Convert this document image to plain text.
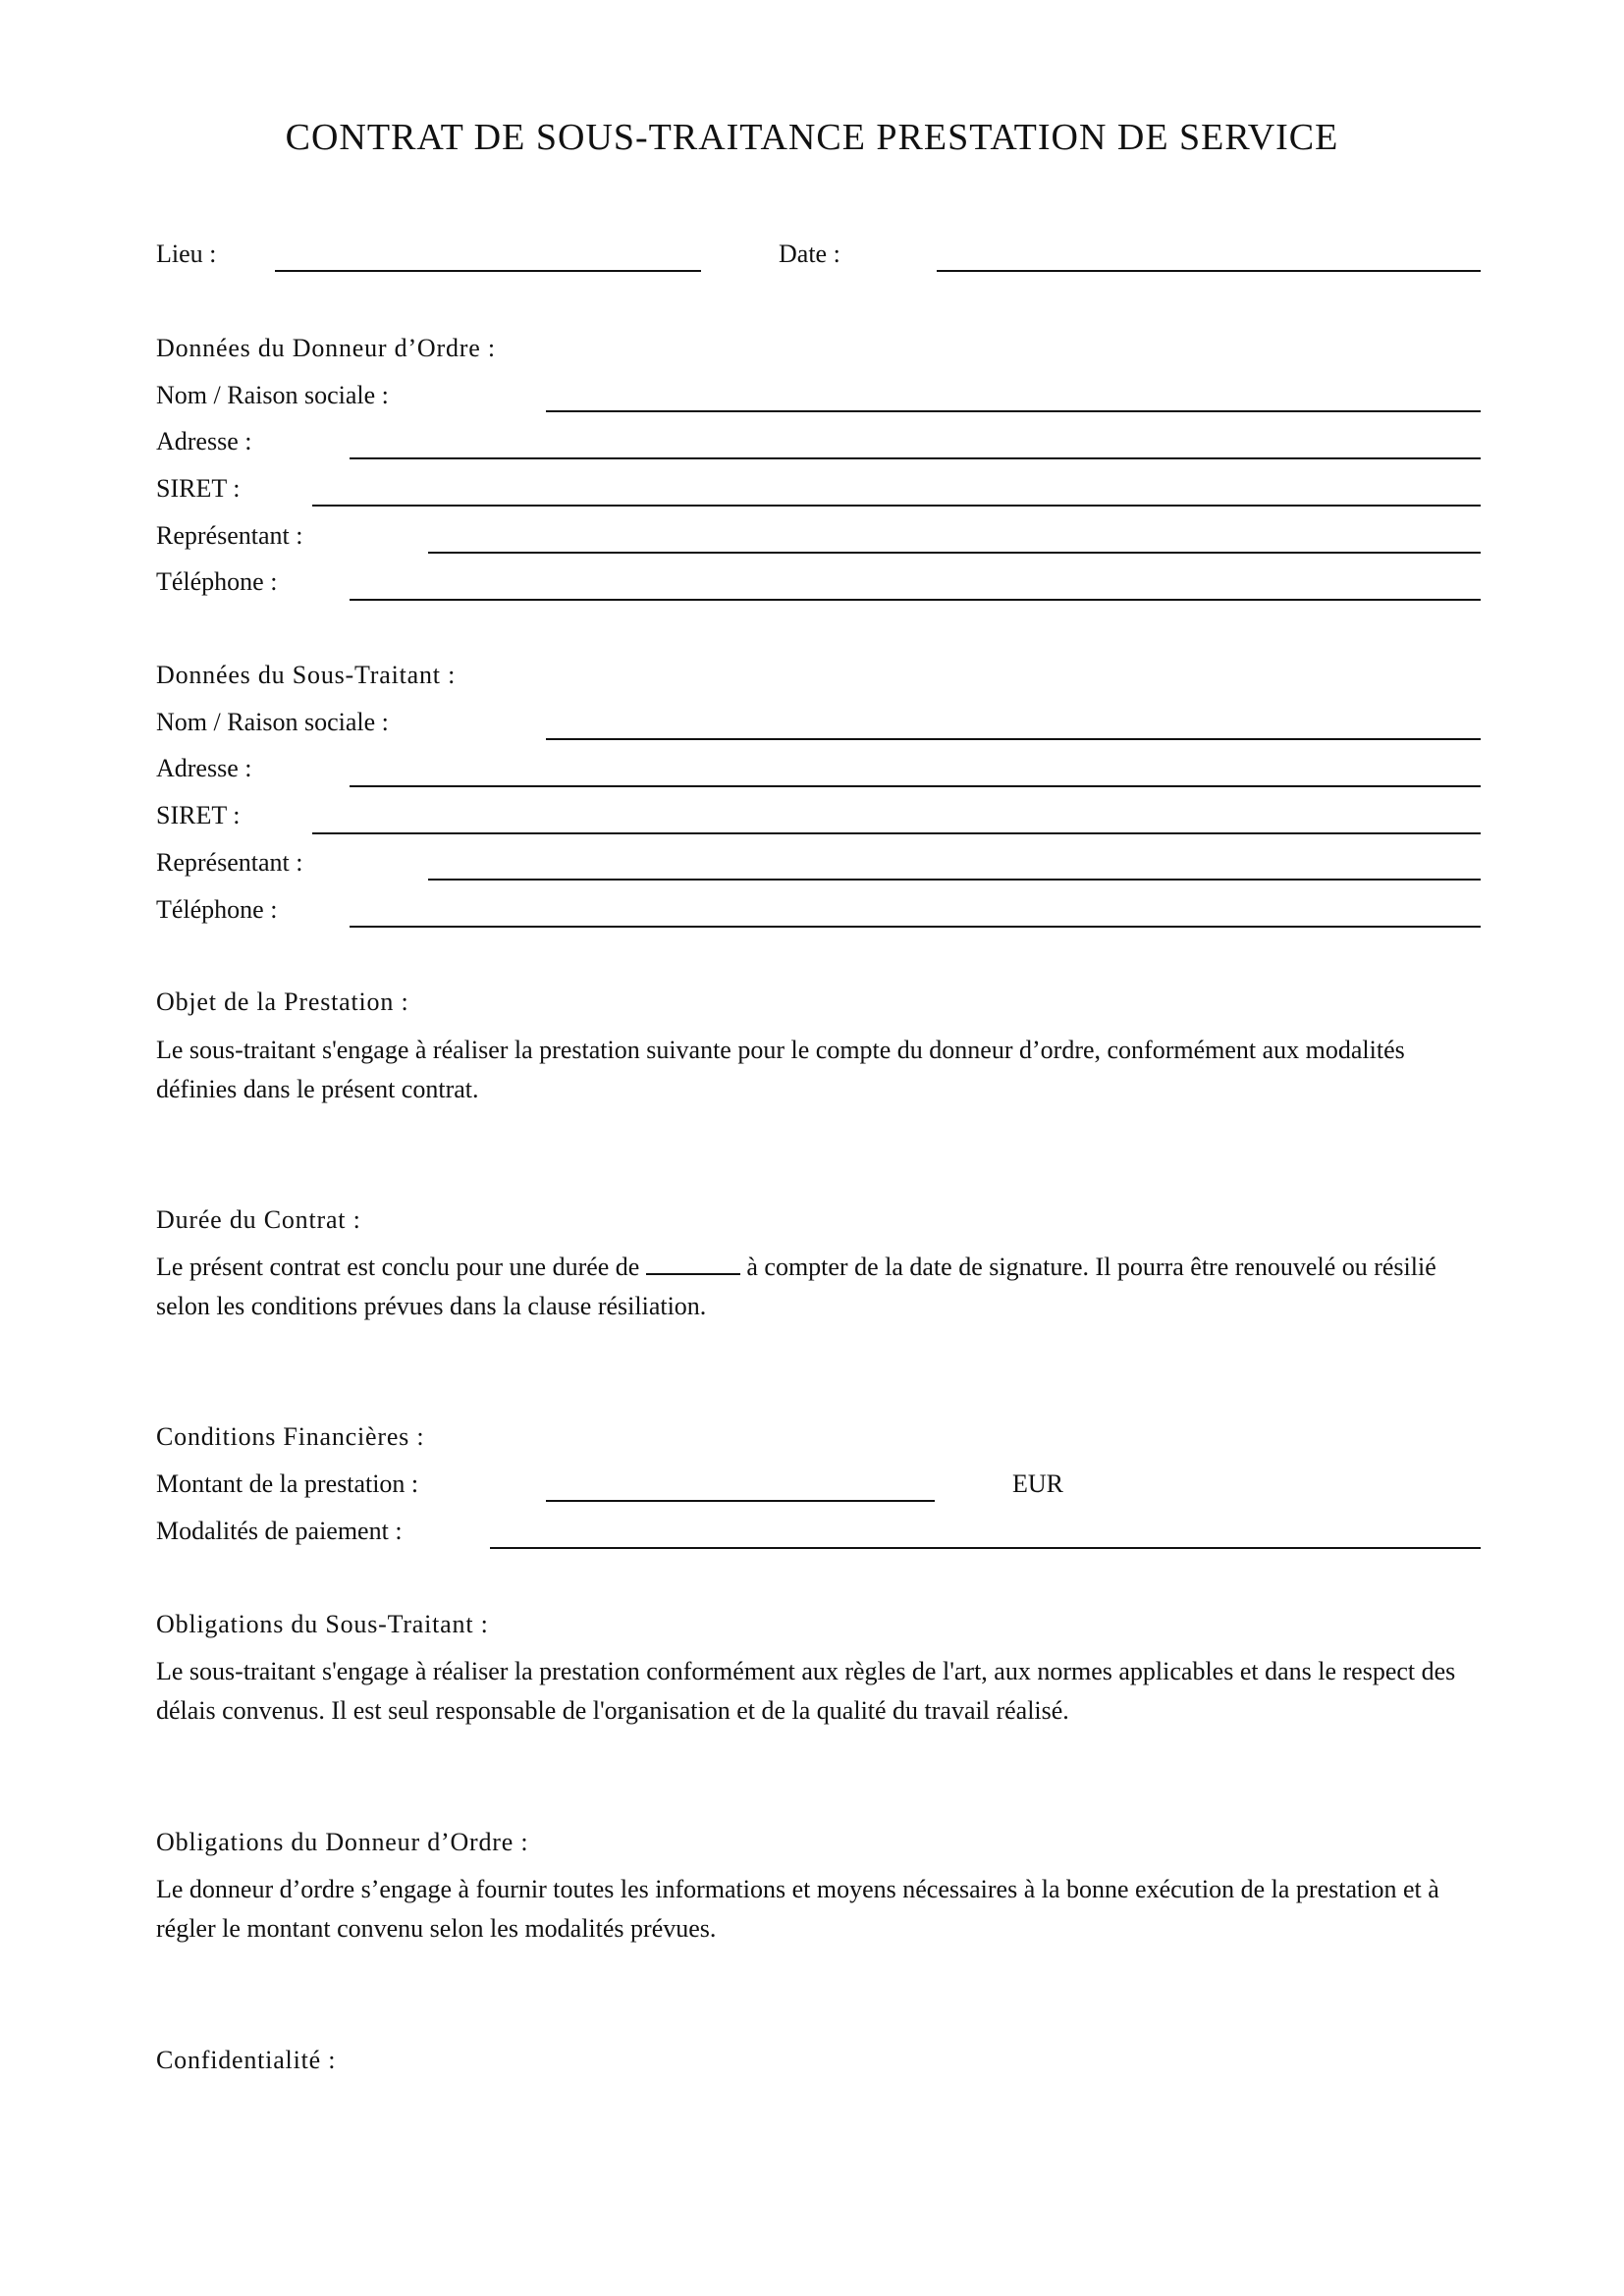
CONTRAT DE SOUS-TRAITANCE PRESTATION DE SERVICE
Lieu :	Date :
Données du Donneur d’Ordre :
Nom / Raison sociale :
Adresse :
SIRET :
Représentant :
Téléphone :
Données du Sous-Traitant :
Nom / Raison sociale :
Adresse :
SIRET :
Représentant :
Téléphone :
Objet de la Prestation :
Le sous-traitant s'engage à réaliser la prestation suivante pour le compte du donneur d’ordre, conformément aux modalités définies dans le présent contrat.
Durée du Contrat :
Le présent contrat est conclu pour une durée de	à compter de la date de signature. Il pourra être renouvelé ou résilié selon les conditions prévues dans la clause résiliation.
Conditions Financières :
Montant de la prestation :	EUR
Modalités de paiement :
Obligations du Sous-Traitant :
Le sous-traitant s'engage à réaliser la prestation conformément aux règles de l'art, aux normes applicables et dans le respect des délais convenus. Il est seul responsable de l'organisation et de la qualité du travail réalisé.
Obligations du Donneur d’Ordre :
Le donneur d’ordre s’engage à fournir toutes les informations et moyens nécessaires à la bonne exécution de la prestation et à régler le montant convenu selon les modalités prévues.
Confidentialité :
